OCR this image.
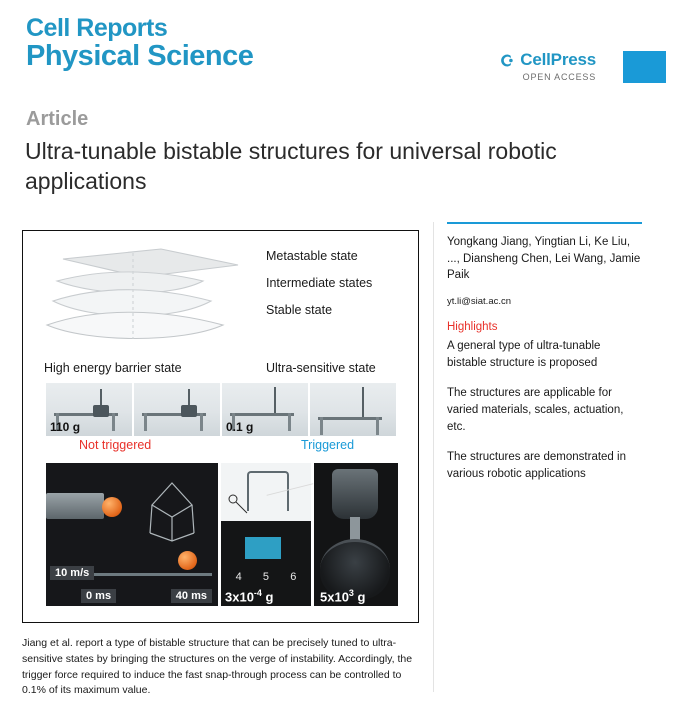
Cell Reports
Physical Science	CellPress
OPEN ACCESS
Article
Ultra-tunable bistable structures for universal robotic applications
Metastable state
Intermediate states
Stable state
High energy barrier state	Ultra-sensitive state
110 g	0.1 g
Not triggered	Triggered
10 m/s
0 ms	40 ms
4 5 6
$3x10^{-4}$ g	$5x10^3$ g
Yongkang Jiang, Yingtian Li, Ke Liu, ..., Diansheng Chen, Lei Wang, Jamie Paik
yt.li@siat.ac.cn
Highlights
A general type of ultra-tunable bistable structure is proposed
The structures are applicable for varied materials, scales, actuation, etc.
The structures are demonstrated in various robotic applications
Jiang et al. report a type of bistable structure that can be precisely tuned to ultra-sensitive states by bringing the structures on the verge of instability. Accordingly, the trigger force required to induce the fast snap-through process can be controlled to 0.1% of its maximum value.
